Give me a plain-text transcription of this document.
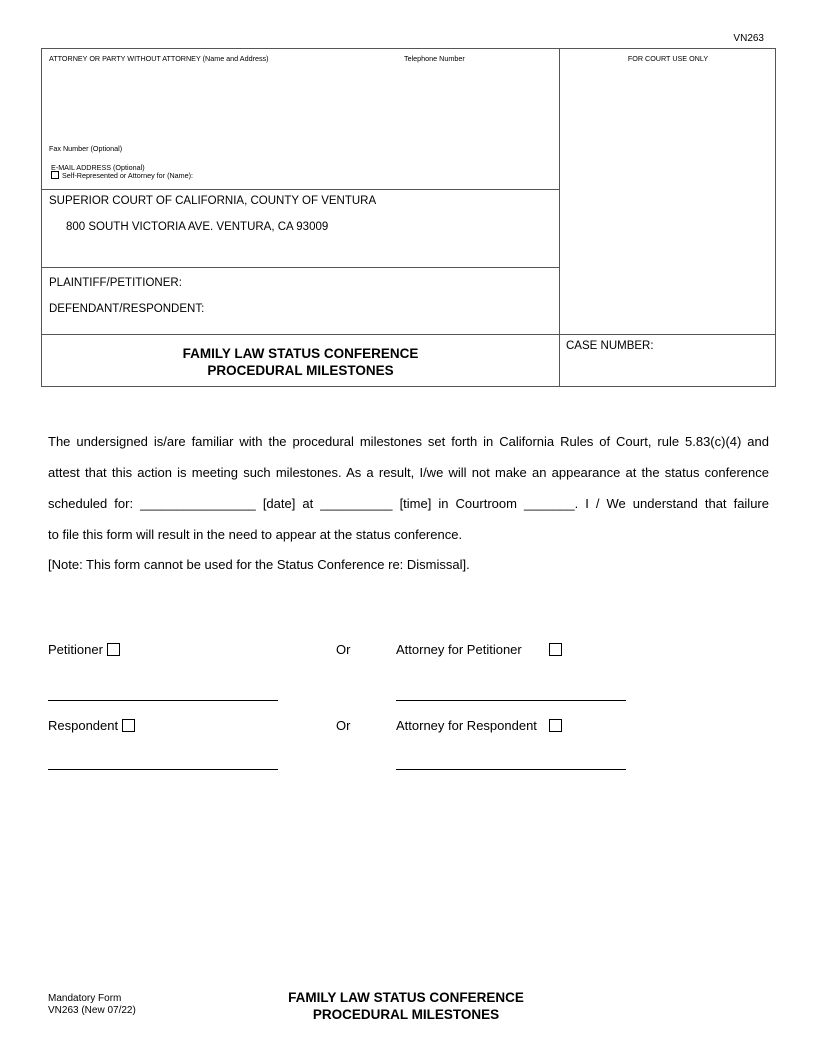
VN263
ATTORNEY OR PARTY WITHOUT ATTORNEY (Name and Address)	Telephone Number	FOR COURT USE ONLY
Fax Number (Optional)
E-MAIL ADDRESS (Optional)
Self-Represented or Attorney for (Name):
SUPERIOR COURT OF CALIFORNIA, COUNTY OF VENTURA
800 SOUTH VICTORIA AVE. VENTURA, CA 93009
PLAINTIFF/PETITIONER:
DEFENDANT/RESPONDENT:
FAMILY LAW STATUS CONFERENCE
PROCEDURAL MILESTONES
CASE NUMBER:
The undersigned is/are familiar with the procedural milestones set forth in California Rules of Court, rule 5.83(c)(4) and
attest that this action is meeting such milestones. As a result, I/we will not make an appearance at the status conference
scheduled for: ________________ [date] at __________ [time] in Courtroom _______. I / We understand that failure
to file this form will result in the need to appear at the status conference.
[Note: This form cannot be used for the Status Conference re: Dismissal].
Petitioner	Or	Attorney for Petitioner
Respondent	Or	Attorney for Respondent
Mandatory Form
VN263 (New 07/22)
FAMILY LAW STATUS CONFERENCE
PROCEDURAL MILESTONES
